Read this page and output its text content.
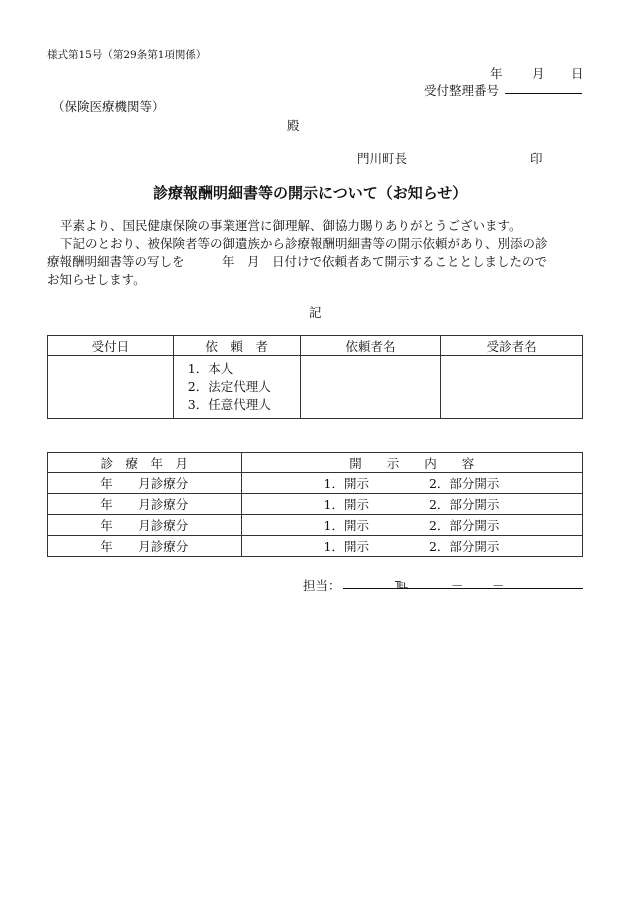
様式第15号（第29条第1項関係）
年 月 日
受付整理番号
（保険医療機関等）
殿
門川町長	印
診療報酬明細書等の開示について（お知らせ）
平素より、国民健康保険の事業運営に御理解、御協力賜りありがとうございます。
下記のとおり、被保険者等の御遺族から診療報酬明細書等の開示依頼があり、別添の診
療報酬明細書等の写しを　　　年　月　日付けで依頼者あて開示することとしましたので
お知らせします。
記
受付日	依　頼　者	依頼者名	受診者名

	1．本人
2．法定代理人
3．任意代理人		

診　療　年　月	開　　示　　内　　容
年 月診療分	1．開示 2．部分開示
年 月診療分	1．開示 2．部分開示
年 月診療分	1．開示 2．部分開示
年 月診療分	1．開示 2．部分開示
担当：	℡	－ －
